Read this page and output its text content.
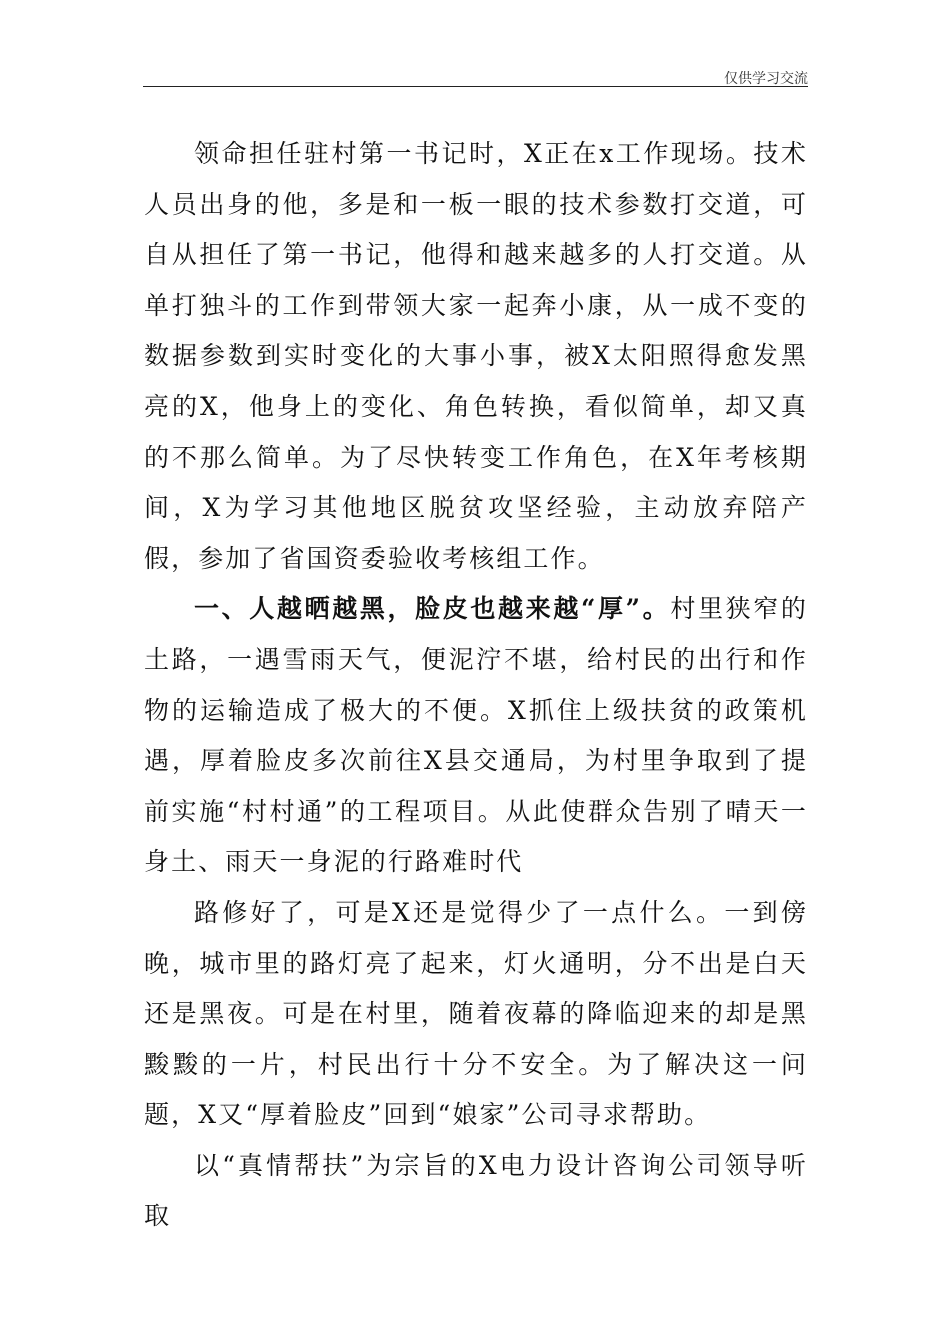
仅供学习交流

领命担任驻村第一书记时，X正在x工作现场。技术人员出身的他，多是和一板一眼的技术参数打交道，可自从担任了第一书记，他得和越来越多的人打交道。从单打独斗的工作到带领大家一起奔小康，从一成不变的数据参数到实时变化的大事小事，被X太阳照得愈发黑亮的X，他身上的变化、角色转换，看似简单，却又真的不那么简单。为了尽快转变工作角色，在X年考核期间，X为学习其他地区脱贫攻坚经验，主动放弃陪产假，参加了省国资委验收考核组工作。

一、人越晒越黑，脸皮也越来越“厚”。村里狭窄的土路，一遇雪雨天气，便泥泞不堪，给村民的出行和作物的运输造成了极大的不便。X抓住上级扶贫的政策机遇，厚着脸皮多次前往X县交通局，为村里争取到了提前实施“村村通”的工程项目。从此使群众告别了晴天一身土、雨天一身泥的行路难时代

路修好了，可是X还是觉得少了一点什么。一到傍晚，城市里的路灯亮了起来，灯火通明，分不出是白天还是黑夜。可是在村里，随着夜幕的降临迎来的却是黑黢黢的一片，村民出行十分不安全。为了解决这一问题，X又“厚着脸皮”回到“娘家”公司寻求帮助。

以“真情帮扶”为宗旨的X电力设计咨询公司领导听取
